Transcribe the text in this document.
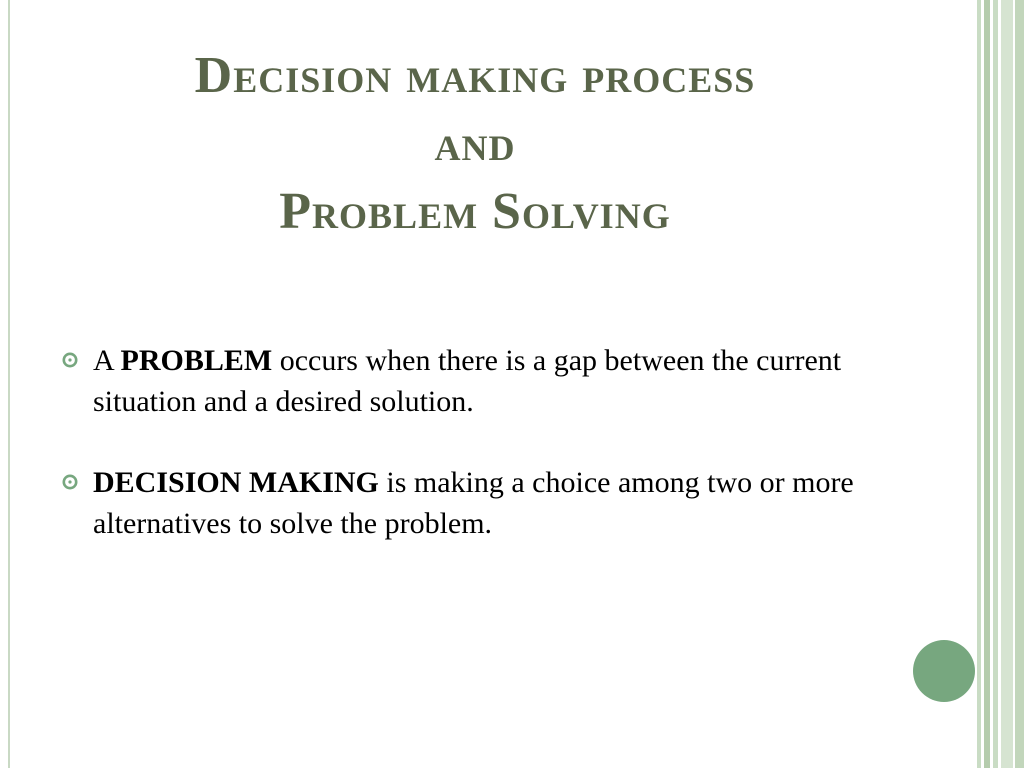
Decision making process
and
Problem Solving
A PROBLEM occurs when there is a gap between the current situation and a desired solution.
DECISION MAKING is making a choice among two or more alternatives to solve the problem.
